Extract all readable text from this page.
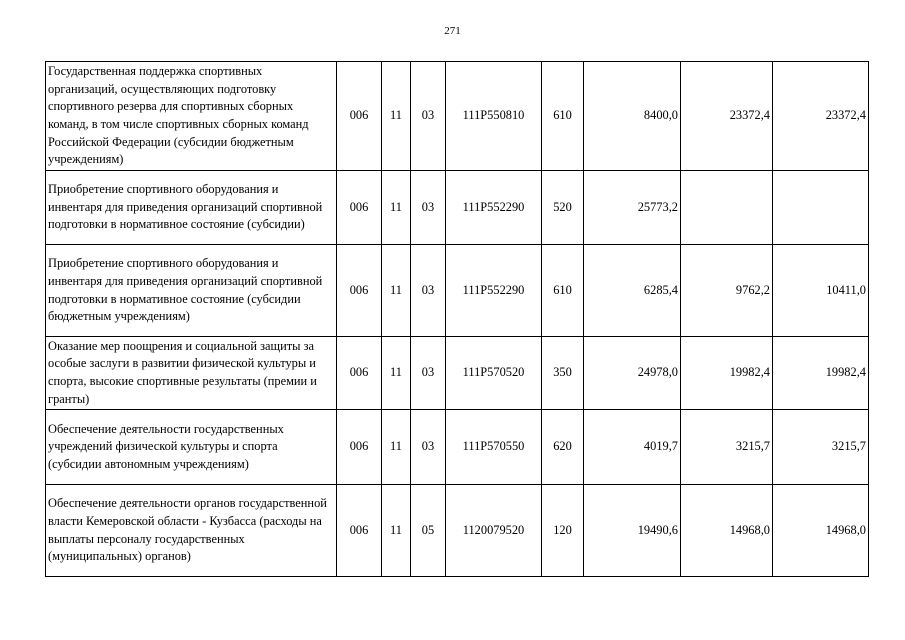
271
Государственная поддержка спортивных организаций, осуществляющих подготовку спортивного резерва для спортивных сборных команд, в том числе спортивных сборных команд Российской Федерации (субсидии бюджетным учреждениям)	006	11	03	111P550810	610	8400,0	23372,4	23372,4
Приобретение спортивного оборудования и инвентаря для приведения организаций спортивной подготовки в нормативное состояние (субсидии)	006	11	03	111P552290	520	25773,2		
Приобретение спортивного оборудования и инвентаря для приведения организаций спортивной подготовки в нормативное состояние (субсидии бюджетным учреждениям)	006	11	03	111P552290	610	6285,4	9762,2	10411,0
Оказание мер поощрения и социальной защиты за особые заслуги в развитии физической культуры и спорта, высокие спортивные результаты (премии и гранты)	006	11	03	111P570520	350	24978,0	19982,4	19982,4
Обеспечение деятельности государственных учреждений физической культуры и спорта (субсидии автономным учреждениям)	006	11	03	111P570550	620	4019,7	3215,7	3215,7
Обеспечение деятельности органов государственной власти Кемеровской области - Кузбасса (расходы на выплаты персоналу государственных (муниципальных) органов)	006	11	05	1120079520	120	19490,6	14968,0	14968,0
